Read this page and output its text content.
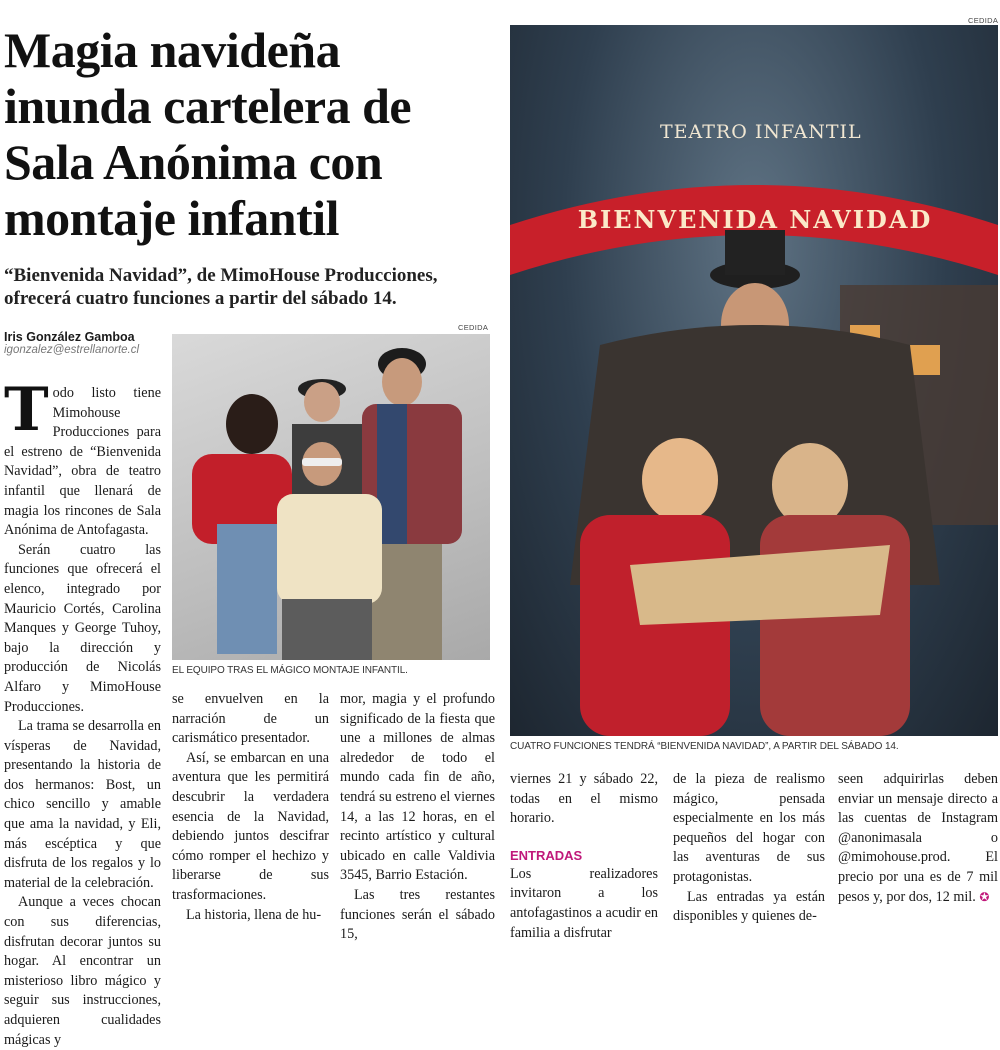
Magia navideña inunda cartelera de Sala Anónima con montaje infantil
“Bienvenida Navidad”, de MimoHouse Producciones, ofrecerá cuatro funciones a partir del sábado 14.
Iris González Gamboa
igonzalez@estrellanorte.cl
CEDIDA
EL EQUIPO TRAS EL MÁGICO MONTAJE INFANTIL.
CEDIDA
TEATRO INFANTIL
BIENVENIDA NAVIDAD
CUATRO FUNCIONES TENDRÁ “BIENVENIDA NAVIDAD”, A PARTIR DEL SÁBADO 14.

Todo listo tiene Mimohouse Producciones para el estreno de “Bienvenida Navidad”, obra de teatro infantil que llenará de magia los rincones de Sala Anónima de Antofagasta.

Serán cuatro las funciones que ofrecerá el elenco, integrado por Mauricio Cortés, Carolina Manques y George Tuhoy, bajo la dirección y producción de Nicolás Alfaro y MimoHouse Producciones.

La trama se desarrolla en vísperas de Navidad, presentando la historia de dos hermanos: Bost, un chico sencillo y amable que ama la navidad, y Eli, más escéptica y que disfruta de los regalos y lo material de la celebración.

Aunque a veces chocan con sus diferencias, disfrutan decorar juntos su hogar. Al encontrar un misterioso libro mágico y seguir sus instrucciones, adquieren cualidades mágicas y

se envuelven en la narración de un carismático presentador.

Así, se embarcan en una aventura que les permitirá descubrir la verdadera esencia de la Navidad, debiendo juntos descifrar cómo romper el hechizo y liberarse de sus trasformaciones.

La historia, llena de hu-

mor, magia y el profundo significado de la fiesta que une a millones de almas alrededor de todo el mundo cada fin de año, tendrá su estreno el viernes 14, a las 12 horas, en el recinto artístico y cultural ubicado en calle Valdivia 3545, Barrio Estación.

Las tres restantes funciones serán el sábado 15,

viernes 21 y sábado 22, todas en el mismo horario.

ENTRADAS

Los realizadores invitaron a los antofagastinos a acudir en familia a disfrutar

de la pieza de realismo mágico, pensada especialmente en los más pequeños del hogar con las aventuras de sus protagonistas.

Las entradas ya están disponibles y quienes de-

seen adquirirlas deben enviar un mensaje directo a las cuentas de Instagram @anonimasala o @mimohouse.prod. El precio por una es de 7 mil pesos y, por dos, 12 mil. ✪
